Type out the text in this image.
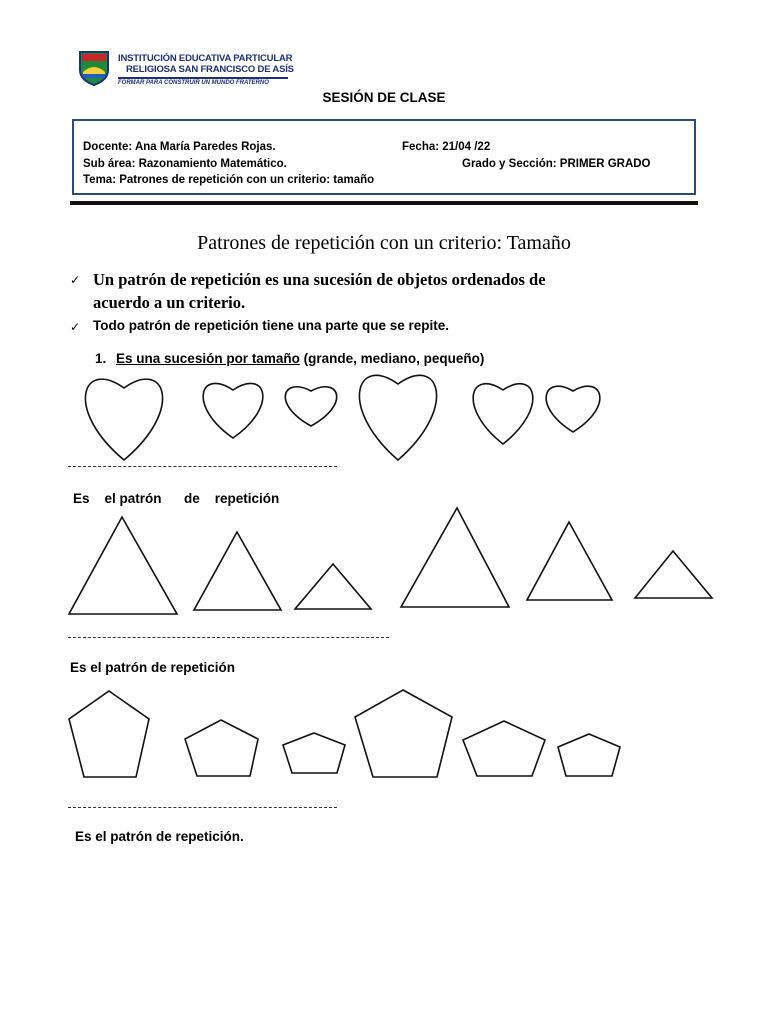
INSTITUCIÓN EDUCATIVA PARTICULAR
RELIGIOSA SAN FRANCISCO DE ASÍS
FORMAR PARA CONSTRUIR UN MUNDO FRATERNO
SESIÓN DE CLASE
Docente: Ana María Paredes Rojas.	Fecha: 21/04 /22
Sub área: Razonamiento Matemático.	Grado y Sección: PRIMER GRADO
Tema: Patrones de repetición con un criterio: tamaño
Patrones de repetición con un criterio: Tamaño
✓ Un patrón de repetición es una sucesión de objetos ordenados de
acuerdo a un criterio.
✓ Todo patrón de repetición tiene una parte que se repite.
1. Es una sucesión por tamaño (grande, mediano, pequeño)
Es    el patrón      de    repetición
Es el patrón de repetición
Es el patrón de repetición.
